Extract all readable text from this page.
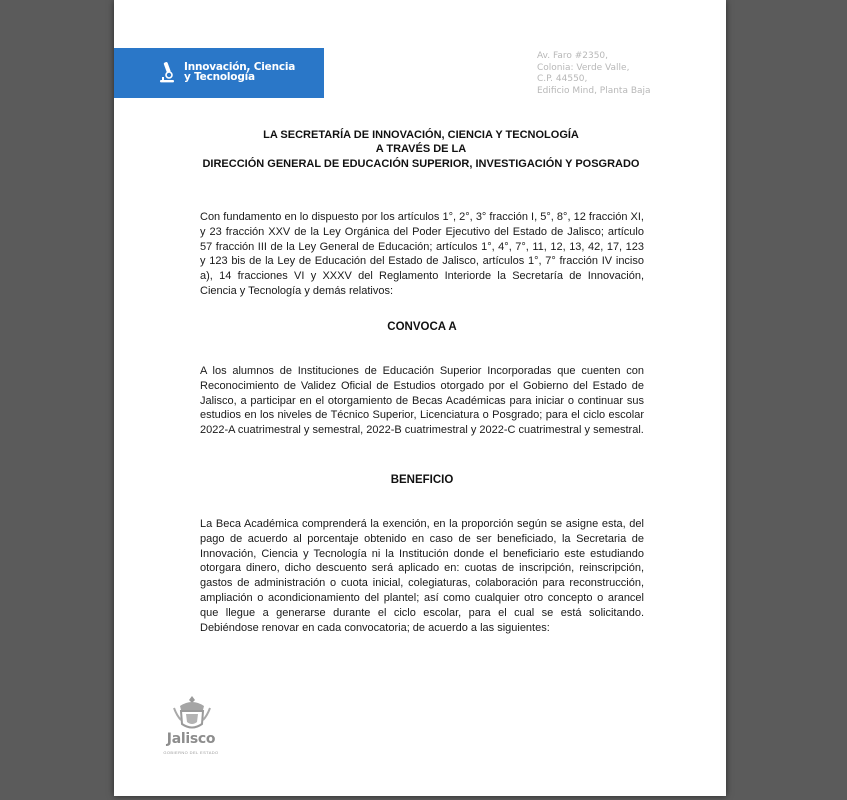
Innovación, Ciencia
y Tecnología
Av. Faro #2350,
Colonia: Verde Valle,
C.P. 44550,
Edificio Mind, Planta Baja
LA SECRETARÍA DE INNOVACIÓN, CIENCIA Y TECNOLOGÍA
A TRAVÉS DE LA
DIRECCIÓN GENERAL DE EDUCACIÓN SUPERIOR, INVESTIGACIÓN Y POSGRADO
Con fundamento en lo dispuesto por los artículos 1°, 2°, 3° fracción I, 5°, 8°, 12 fracción XI, y 23 fracción XXV de la Ley Orgánica del Poder Ejecutivo del Estado de Jalisco; artículo 57 fracción III de la Ley General de Educación; artículos 1°, 4°, 7°, 11, 12, 13, 42, 17, 123 y 123 bis de la Ley de Educación del Estado de Jalisco, artículos 1°, 7° fracción IV inciso a), 14 fracciones VI y XXXV del Reglamento Interiorde la Secretaría de Innovación, Ciencia y Tecnología y demás relativos:
CONVOCA A
A los alumnos de Instituciones de Educación Superior Incorporadas que cuenten con Reconocimiento de Validez Oficial de Estudios otorgado por el Gobierno del Estado de Jalisco, a participar en el otorgamiento de Becas Académicas para iniciar o continuar sus estudios en los niveles de Técnico Superior, Licenciatura o Posgrado; para el ciclo escolar 2022-A cuatrimestral y semestral, 2022-B cuatrimestral y 2022-C cuatrimestral y semestral.
BENEFICIO
La Beca Académica comprenderá la exención, en la proporción según se asigne esta, del pago de acuerdo al porcentaje obtenido en caso de ser beneficiado, la Secretaria de Innovación, Ciencia y Tecnología ni la Institución donde el beneficiario este estudiando otorgara dinero, dicho descuento será aplicado en: cuotas de inscripción, reinscripción, gastos de administración o cuota inicial, colegiaturas, colaboración para reconstrucción, ampliación o acondicionamiento del plantel; así como cualquier otro concepto o arancel que llegue a generarse durante el ciclo escolar, para el cual se está solicitando. Debiéndose renovar en cada convocatoria; de acuerdo a las siguientes:
Jalisco
GOBIERNO DEL ESTADO
